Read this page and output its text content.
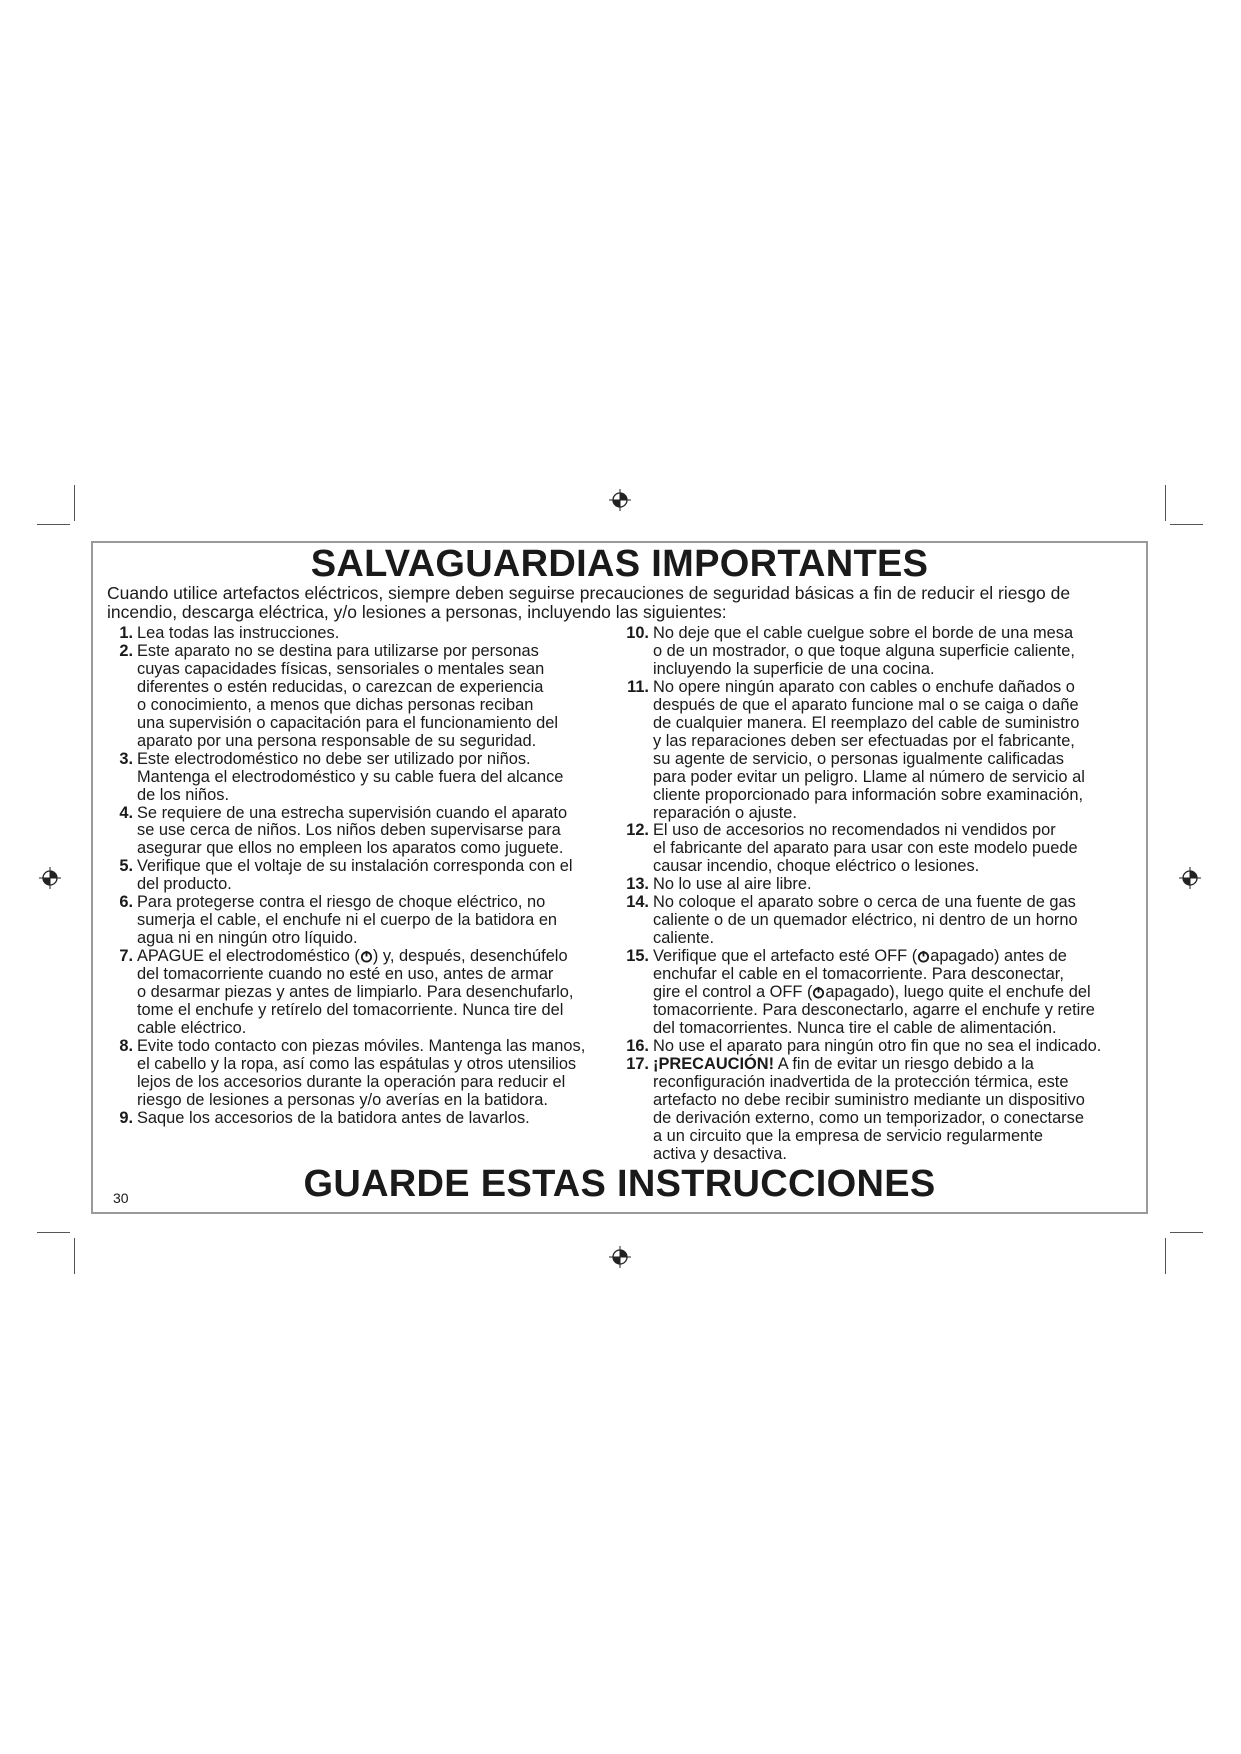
SALVAGUARDIAS IMPORTANTES
Cuando utilice artefactos eléctricos, siempre deben seguirse precauciones de seguridad básicas a fin de reducir el riesgo de
incendio, descarga eléctrica, y/o lesiones a personas, incluyendo las siguientes:
1. Lea todas las instrucciones.
2. Este aparato no se destina para utilizarse por personas
cuyas capacidades físicas, sensoriales o mentales sean
diferentes o estén reducidas, o carezcan de experiencia
o conocimiento, a menos que dichas personas reciban
una supervisión o capacitación para el funcionamiento del
aparato por una persona responsable de su seguridad.
3. Este electrodoméstico no debe ser utilizado por niños.
Mantenga el electrodoméstico y su cable fuera del alcance
de los niños.
4. Se requiere de una estrecha supervisión cuando el aparato
se use cerca de niños. Los niños deben supervisarse para
asegurar que ellos no empleen los aparatos como juguete.
5. Verifique que el voltaje de su instalación corresponda con el
del producto.
6. Para protegerse contra el riesgo de choque eléctrico, no
sumerja el cable, el enchufe ni el cuerpo de la batidora en
agua ni en ningún otro líquido.
7. APAGUE el electrodoméstico ( ) y, después, desenchúfelo
del tomacorriente cuando no esté en uso, antes de armar
o desarmar piezas y antes de limpiarlo. Para desenchufarlo,
tome el enchufe y retírelo del tomacorriente. Nunca tire del
cable eléctrico.
8. Evite todo contacto con piezas móviles. Mantenga las manos,
el cabello y la ropa, así como las espátulas y otros utensilios
lejos de los accesorios durante la operación para reducir el
riesgo de lesiones a personas y/o averías en la batidora.
9. Saque los accesorios de la batidora antes de lavarlos.
10. No deje que el cable cuelgue sobre el borde de una mesa
o de un mostrador, o que toque alguna superficie caliente,
incluyendo la superficie de una cocina.
11. No opere ningún aparato con cables o enchufe dañados o
después de que el aparato funcione mal o se caiga o dañe
de cualquier manera. El reemplazo del cable de suministro
y las reparaciones deben ser efectuadas por el fabricante,
su agente de servicio, o personas igualmente calificadas
para poder evitar un peligro. Llame al número de servicio al
cliente proporcionado para información sobre examinación,
reparación o ajuste.
12. El uso de accesorios no recomendados ni vendidos por
el fabricante del aparato para usar con este modelo puede
causar incendio, choque eléctrico o lesiones.
13. No lo use al aire libre.
14. No coloque el aparato sobre o cerca de una fuente de gas
caliente o de un quemador eléctrico, ni dentro de un horno
caliente.
15. Verifique que el artefacto esté OFF ( apagado) antes de
enchufar el cable en el tomacorriente. Para desconectar,
gire el control a OFF ( apagado), luego quite el enchufe del
tomacorriente. Para desconectarlo, agarre el enchufe y retire
del tomacorrientes. Nunca tire el cable de alimentación.
16. No use el aparato para ningún otro fin que no sea el indicado.
17. ¡PRECAUCIÓN! A fin de evitar un riesgo debido a la
reconfiguración inadvertida de la protección térmica, este
artefacto no debe recibir suministro mediante un dispositivo
de derivación externo, como un temporizador, o conectarse
a un circuito que la empresa de servicio regularmente
activa y desactiva.
GUARDE ESTAS INSTRUCCIONES
30
